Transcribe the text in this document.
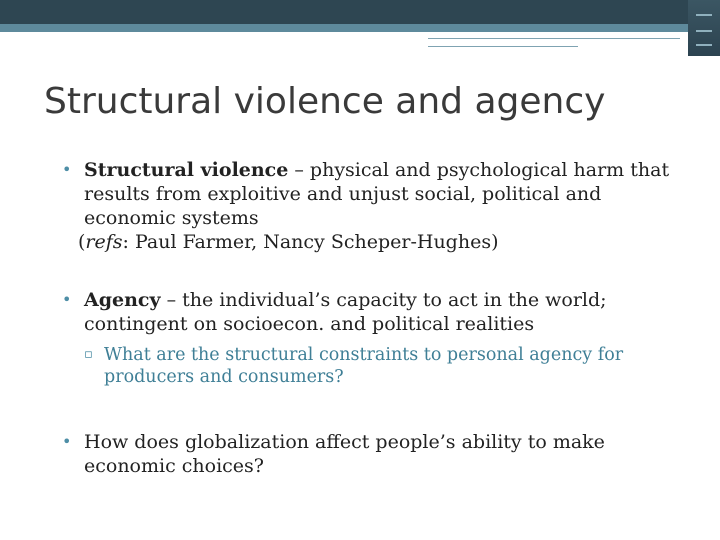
Structural violence and agency
• Structural violence – physical and psychological harm that results from exploitive and unjust social, political and economic systems
(refs: Paul Farmer, Nancy Scheper-Hughes)
• Agency – the individual’s capacity to act in the world; contingent on socioecon. and political realities
▫ What are the structural constraints to personal agency for producers and consumers?
• How does globalization affect people’s ability to make economic choices?
